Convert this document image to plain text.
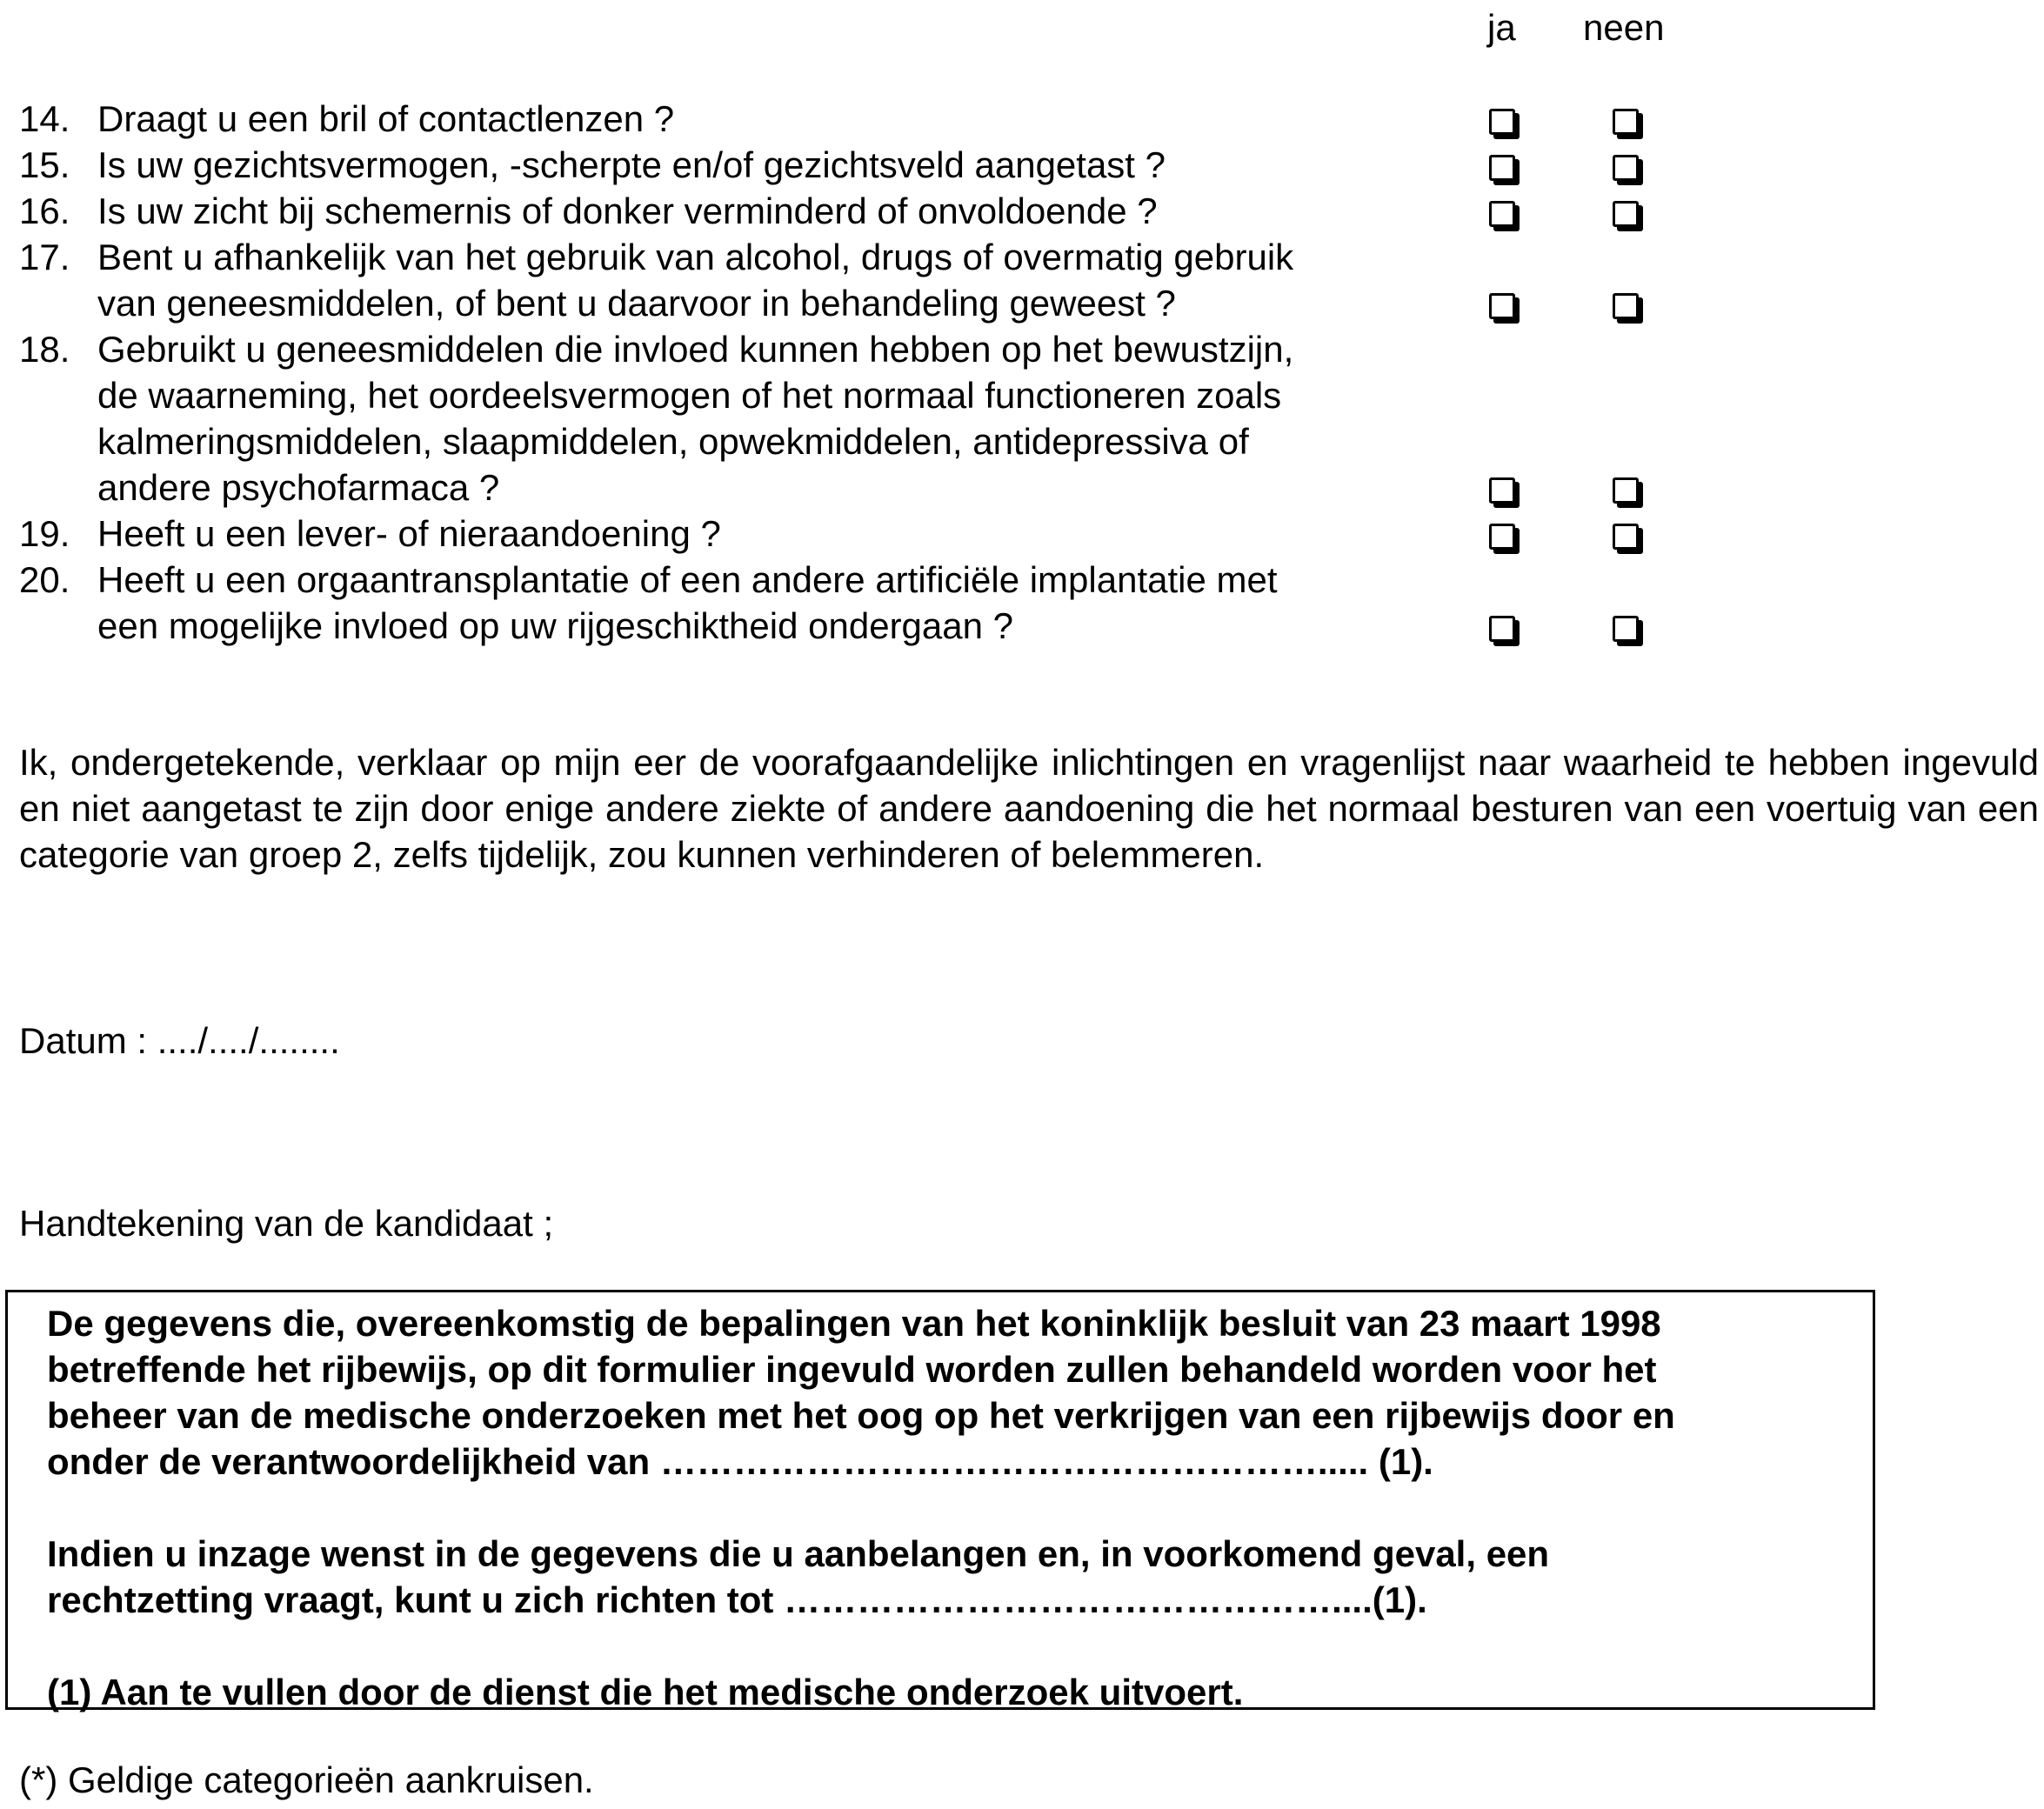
ja neen
14. Draagt u een bril of contactlenzen ?
15. Is uw gezichtsvermogen, -scherpte en/of gezichtsveld aangetast ?
16. Is uw zicht bij schemernis of donker verminderd of onvoldoende ?
17. Bent u afhankelijk van het gebruik van alcohol, drugs of overmatig gebruik
van geneesmiddelen, of bent u daarvoor in behandeling geweest ?
18. Gebruikt u geneesmiddelen die invloed kunnen hebben op het bewustzijn,
de waarneming, het oordeelsvermogen of het normaal functioneren zoals
kalmeringsmiddelen, slaapmiddelen, opwekmiddelen, antidepressiva of
andere psychofarmaca ?
19. Heeft u een lever- of nieraandoening ?
20. Heeft u een orgaantransplantatie of een andere artificiële implantatie met
een mogelijke invloed op uw rijgeschiktheid ondergaan ?
Ik, ondergetekende, verklaar op mijn eer de voorafgaandelijke inlichtingen en vragenlijst naar waarheid te hebben ingevuld en niet aangetast te zijn door enige andere ziekte of andere aandoening die het normaal besturen van een voertuig van een categorie van groep 2, zelfs tijdelijk, zou kunnen verhinderen of belemmeren.
Datum : ..../..../........
Handtekening van de kandidaat ;

De gegevens die, overeenkomstig de bepalingen van het koninklijk besluit van 23 maart 1998
betreffende het rijbewijs, op dit formulier ingevuld worden zullen behandeld worden voor het
beheer van de medische onderzoeken met het oog op het verkrijgen van een rijbewijs door en
onder de verantwoordelijkheid van ………………………………………………..... (1).

Indien u inzage wenst in de gegevens die u aanbelangen en, in voorkomend geval, een
rechtzetting vraagt, kunt u zich richten tot ………………………………………....(1).

(1) Aan te vullen door de dienst die het medische onderzoek uitvoert.

(*) Geldige categorieën aankruisen.
